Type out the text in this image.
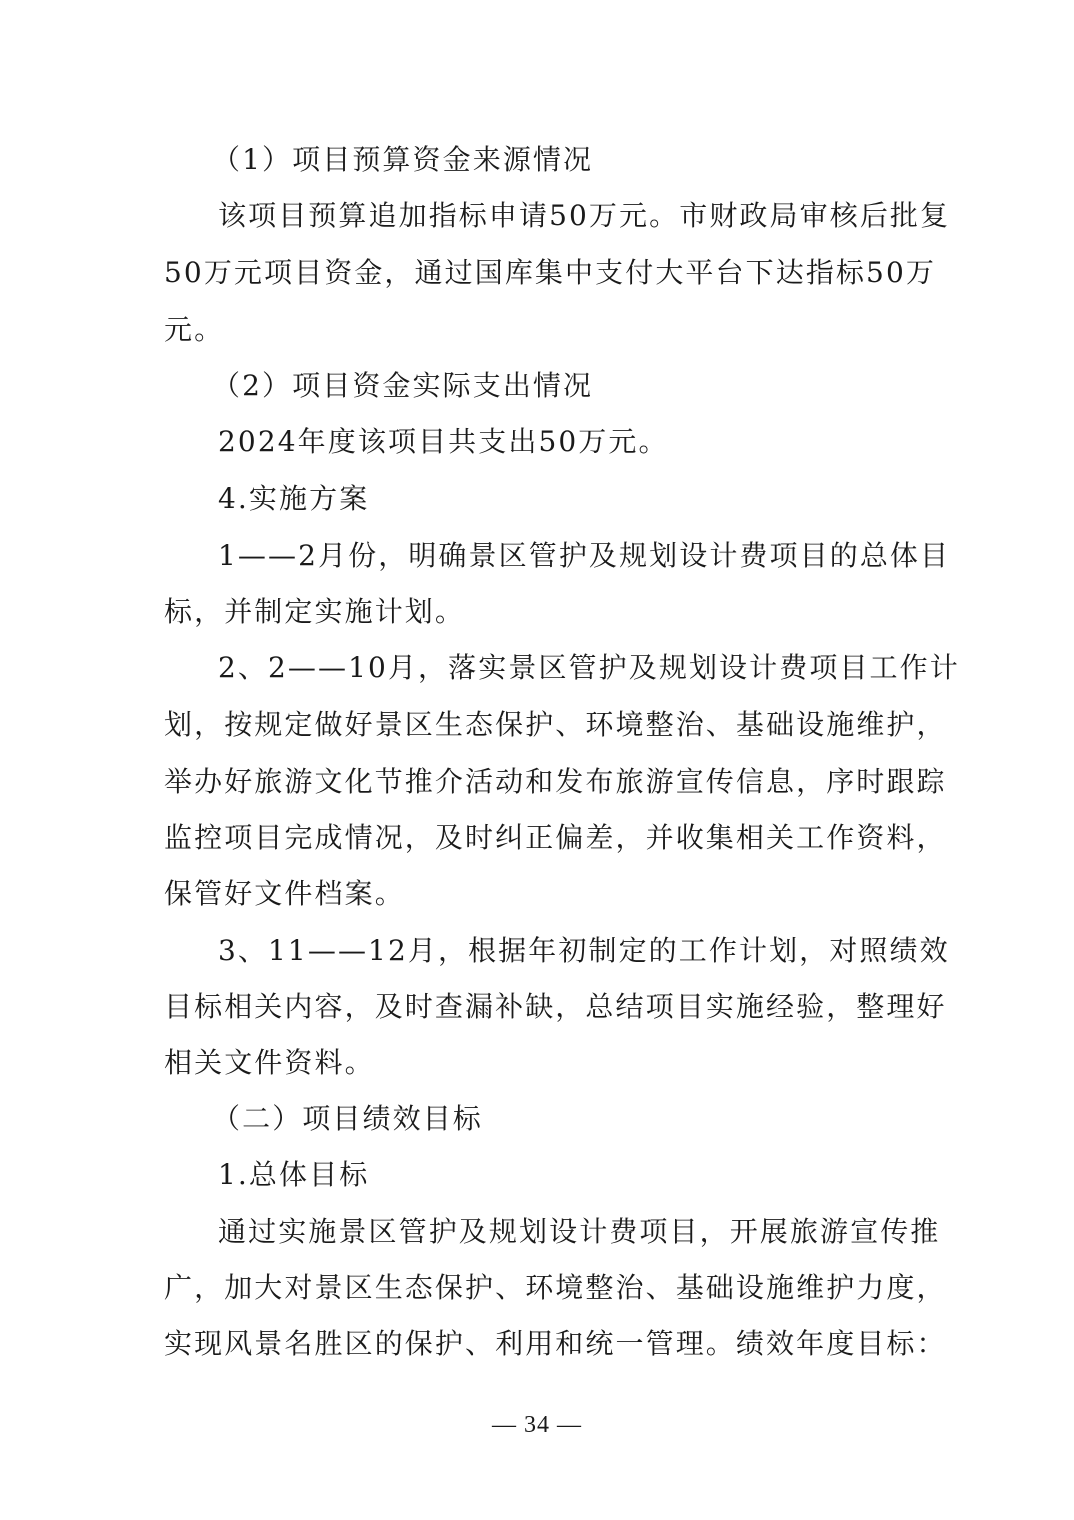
（1）项目预算资金来源情况
该项目预算追加指标申请50万元。市财政局审核后批复
50万元项目资金，通过国库集中支付大平台下达指标50万
元。
（2）项目资金实际支出情况
2024年度该项目共支出50万元。
4.实施方案
1——2月份，明确景区管护及规划设计费项目的总体目
标，并制定实施计划。
2、2——10月，落实景区管护及规划设计费项目工作计
划，按规定做好景区生态保护、环境整治、基础设施维护，
举办好旅游文化节推介活动和发布旅游宣传信息，序时跟踪
监控项目完成情况，及时纠正偏差，并收集相关工作资料，
保管好文件档案。
3、11——12月，根据年初制定的工作计划，对照绩效
目标相关内容，及时查漏补缺，总结项目实施经验，整理好
相关文件资料。
（二）项目绩效目标
1.总体目标
通过实施景区管护及规划设计费项目，开展旅游宣传推
广，加大对景区生态保护、环境整治、基础设施维护力度，
实现风景名胜区的保护、利用和统一管理。绩效年度目标：
— 34 —
